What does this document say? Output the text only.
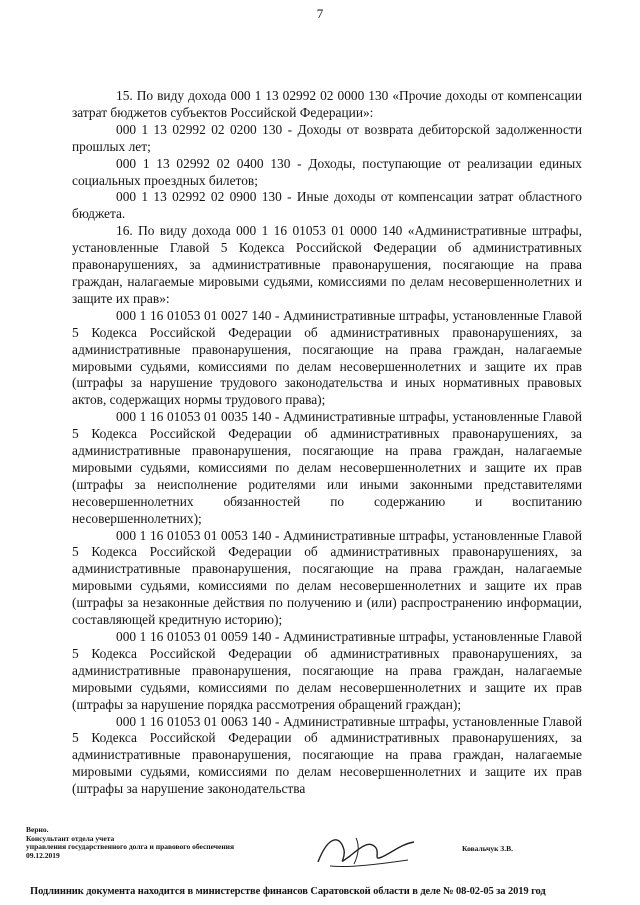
7

15. По виду дохода 000 1 13 02992 02 0000 130 «Прочие доходы от компенсации затрат бюджетов субъектов Российской Федерации»:

000 1 13 02992 02 0200 130 - Доходы от возврата дебиторской задолженности прошлых лет;

000 1 13 02992 02 0400 130 - Доходы, поступающие от реализации единых социальных проездных билетов;

000 1 13 02992 02 0900 130 - Иные доходы от компенсации затрат областного бюджета.

16. По виду дохода 000 1 16 01053 01 0000 140 «Административные штрафы, установленные Главой 5 Кодекса Российской Федерации об административных правонарушениях, за административные правонарушения, посягающие на права граждан, налагаемые мировыми судьями, комиссиями по делам несовершеннолетних и защите их прав»:

000 1 16 01053 01 0027 140 - Административные штрафы, установленные Главой 5 Кодекса Российской Федерации об административных правонарушениях, за административные правонарушения, посягающие на права граждан, налагаемые мировыми судьями, комиссиями по делам несовершеннолетних и защите их прав (штрафы за нарушение трудового законодательства и иных нормативных правовых актов, содержащих нормы трудового права);

000 1 16 01053 01 0035 140 - Административные штрафы, установленные Главой 5 Кодекса Российской Федерации об административных правонарушениях, за административные правонарушения, посягающие на права граждан, налагаемые мировыми судьями, комиссиями по делам несовершеннолетних и защите их прав (штрафы за неисполнение родителями или иными законными представителями несовершеннолетних обязанностей по содержанию и воспитанию несовершеннолетних);

000 1 16 01053 01 0053 140 - Административные штрафы, установленные Главой 5 Кодекса Российской Федерации об административных правонарушениях, за административные правонарушения, посягающие на права граждан, налагаемые мировыми судьями, комиссиями по делам несовершеннолетних и защите их прав (штрафы за незаконные действия по получению и (или) распространению информации, составляющей кредитную историю);

000 1 16 01053 01 0059 140 - Административные штрафы, установленные Главой 5 Кодекса Российской Федерации об административных правонарушениях, за административные правонарушения, посягающие на права граждан, налагаемые мировыми судьями, комиссиями по делам несовершеннолетних и защите их прав (штрафы за нарушение порядка рассмотрения обращений граждан);

000 1 16 01053 01 0063 140 - Административные штрафы, установленные Главой 5 Кодекса Российской Федерации об административных правонарушениях, за административные правонарушения, посягающие на права граждан, налагаемые мировыми судьями, комиссиями по делам несовершеннолетних и защите их прав (штрафы за нарушение законодательства

Верно.
Консультант отдела учета
управления государственного долга и правового обеспечения
09.12.2019
Ковальчук З.В.
Подлинник документа находится в министерстве финансов Саратовской области в деле № 08-02-05 за 2019 год
